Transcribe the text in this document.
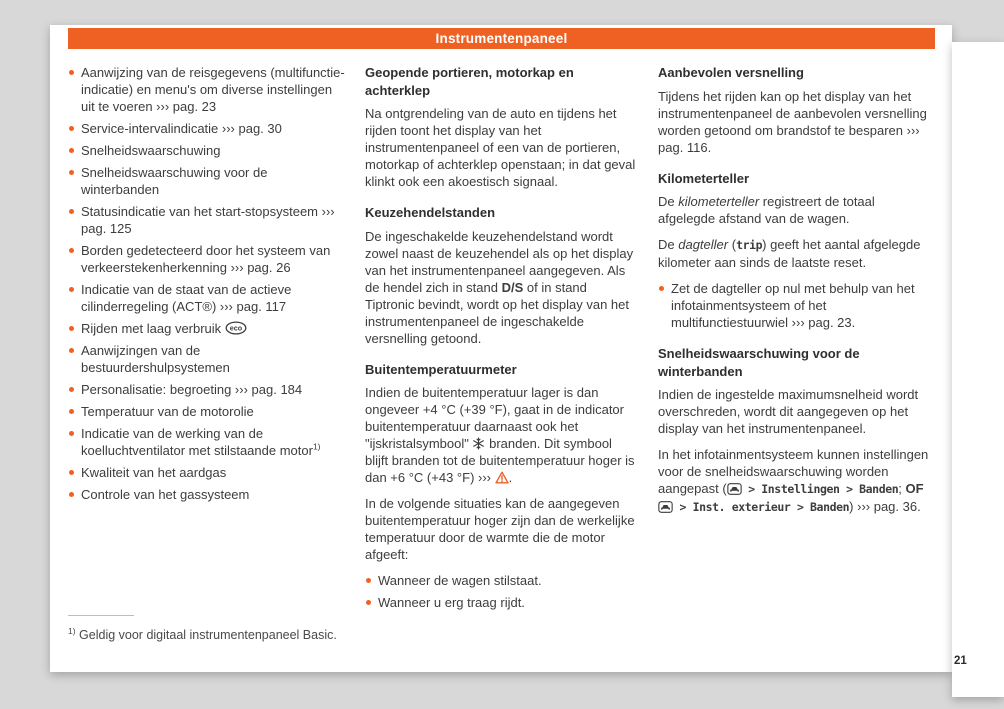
Instrumentenpaneel
Aanwijzing van de reisgegevens (multifunctie-indicatie) en menu's om diverse instellingen uit te voeren ››› pag. 23
Service-intervalindicatie ››› pag. 30
Snelheidswaarschuwing
Snelheidswaarschuwing voor de winterbanden
Statusindicatie van het start-stopsysteem ››› pag. 125
Borden gedetecteerd door het systeem van verkeerstekenherkenning ››› pag. 26
Indicatie van de staat van de actieve cilinderregeling (ACT®) ››› pag. 117
Rijden met laag verbruik eco
Aanwijzingen van de bestuurdershulpsystemen
Personalisatie: begroeting ››› pag. 184
Temperatuur van de motorolie
Indicatie van de werking van de koelluchtventilator met stilstaande motor$^{1)}$
Kwaliteit van het aardgas
Controle van het gassysteem
Geopende portieren, motorkap en achterklep

Na ontgrendeling van de auto en tijdens het rijden toont het display van het instrumentenpaneel of een van de portieren, motorkap of achterklep openstaan; in dat geval klinkt ook een akoestisch signaal.

Keuzehendelstanden

De ingeschakelde keuzehendelstand wordt zowel naast de keuzehendel als op het display van het instrumentenpaneel aangegeven. Als de hendel zich in stand D/S of in stand Tiptronic bevindt, wordt op het display van het instrumentenpaneel de ingeschakelde versnelling getoond.

Buitentemperatuurmeter

Indien de buitentemperatuur lager is dan ongeveer +4 °C (+39 °F), gaat in de indicator buitentemperatuur daarnaast ook het "ijskristalsymbool"
branden. Dit symbool blijft branden tot de buitentemperatuur hoger is dan +6 °C (+43 °F) ›››
.

In de volgende situaties kan de aangegeven buitentemperatuur hoger zijn dan de werkelijke temperatuur door de warmte die de motor afgeeft:

Wanneer de wagen stilstaat.
Wanneer u erg traag rijdt.
Aanbevolen versnelling

Tijdens het rijden kan op het display van het instrumentenpaneel de aanbevolen versnelling worden getoond om brandstof te besparen ››› pag. 116.

Kilometerteller

De kilometerteller registreert de totaal afgelegde afstand van de wagen.

De dagteller (trip) geeft het aantal afgelegde kilometer aan sinds de laatste reset.

Zet de dagteller op nul met behulp van het infotainmentsysteem of het multifunctiestuurwiel ››› pag. 23.
Snelheidswaarschuwing voor de winterbanden

Indien de ingestelde maximumsnelheid wordt overschreden, wordt dit aangegeven op het display van het instrumentenpaneel.

In het infotainmentsysteem kunnen instellingen voor de snelheidswaarschuwing worden aangepast (
> Instellingen > Banden; OF
> Inst. exterieur > Banden) ››› pag. 36.

$^{1)}$ Geldig voor digitaal instrumentenpaneel Basic.
21
